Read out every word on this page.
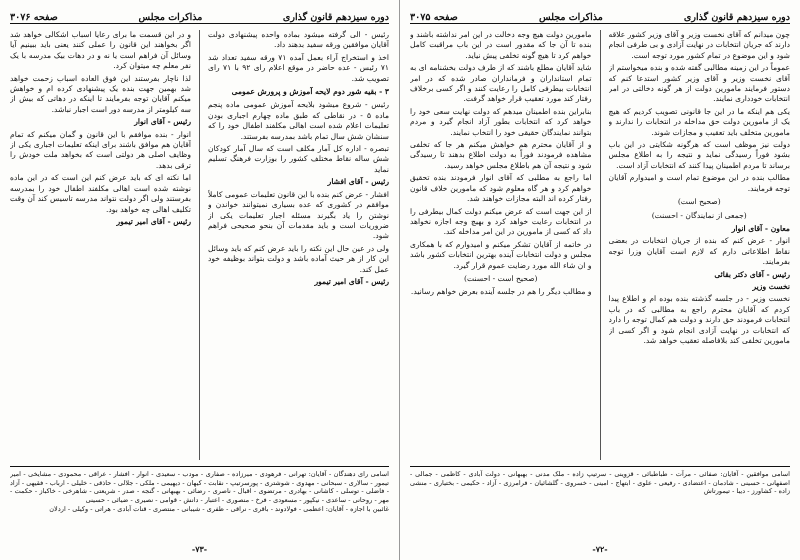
دوره سیزدهم قانون گذاری
مذاکرات مجلس
صفحه ۳۰۷۶

رئیس - الی گرفته میشود بماده واحده پیشنهادی دولت آقایان موافقین ورقه سفید بدهند داد.

اخذ و استخراج آراء بعمل آمده ۷۱ ورقه سفید تعداد شد ۷۱ رئیس - عده حاضر در موقع اعلام رای ۹۲ با ۷۱ رای تصویب شد.

۳ - بقیه شور دوم لایحه آموزش و پرورش عمومی

رئیس - شروع میشود بلایحه آموزش عمومی ماده پنجم ماده ۵ - در نقاطی که طبق ماده چهارم اجباری بودن تعلیمات اعلام شده است اهالی مکلفند اطفال خود را که سنشان شش سال تمام باشد بمدرسه بفرستند.

تبصره - اداره کل آمار مکلف است که سال آمار کودکان شش ساله نقاط مختلف کشور را بوزارت فرهنگ تسلیم نماید

رئیس - آقای افشار

افشار - عرض کنم بنده با این قانون تعلیمات عمومی کاملاً موافقم در کشوری که عده بسیاری نمیتوانند خواندن و نوشتن را یاد بگیرند مسئله اجبار تعلیمات یکی از ضروریات است و باید مقدمات آن بنحو صحیحی فراهم شود.

ولی در عین حال این نکته را باید عرض کنم که باید وسائل این کار از هر حیث آماده باشد و دولت بتواند بوظیفه خود عمل کند.

رئیس - آقای امیر تیمور

و در این قسمت ما برای رعایا اسباب اشکالی خواهد شد اگر بخواهند این قانون را عملی کنند یعنی باید ببینیم آیا وسائل آن فراهم است یا نه و در دهات بیک مدرسه با یک نفر معلم چه میتوان کرد.

لذا ناچار بفرستند این فوق العاده اسباب زحمت خواهد شد بهمین جهت بنده یک پیشنهادی کرده ام و خواهش میکنم آقایان توجه بفرمایند تا اینکه در دهاتی که بیش از سه کیلومتر از مدرسه دور است اجبار نباشد.

رئیس - آقای انوار

انوار - بنده موافقم با این قانون و گمان میکنم که تمام آقایان هم موافق باشند برای اینکه تعلیمات اجباری یکی از وظایف اصلی هر دولتی است که بخواهد ملت خودش را ترقی بدهد.

اما نکته ای که باید عرض کنم این است که در این ماده نوشته شده است اهالی مکلفند اطفال خود را بمدرسه بفرستند ولی اگر دولت نتواند مدرسه تاسیس کند آن وقت تکلیف اهالی چه خواهد بود.

رئیس - آقای امیر تیمور

اسامی رای دهندگان - آقایان: تهرانی - فرهودی - میرزاده - صفاری - مودب - سعیدی - انوار - افشار - عراقی - محمودی - مشایخی - امیر تیمور - سالاری - سبحانی - مهدوی - شوشتری - پورسرتیپ - نقابت - کیهان - دیهیمی - ملکی - جلالی - حاذقی - خلیلی - ارباب - فقیهی - آزاد - فاضلی - توسلی - کاشانی - بهادری - مرتضوی - اقبال - ناصری - رضائی - بهبهانی - گنجه - صدر - شریعتی - شاهرخی - خاکباز - حکمت - مهر - روحانی - ساعدی - نیکپور - مسعودی - فرخ - منصوری - اعتبار - دانش - قوامی - نصیری - ضیائی - حسینی

غائبین با اجازه - آقایان: اعظمی - فولادوند - باقری - نراقی - ظفری - شیبانی - منتصری - قنات آبادی - هراتی - وکیلی - اردلان

-۷۳-
دوره سیزدهم قانون گذاری
مذاکرات مجلس
صفحه ۳۰۷۵

چون میدانم که آقای نخست وزیر و آقای وزیر کشور علاقه دارند که جریان انتخابات در نهایت آزادی و بی طرفی انجام شود و این موضوع در تمام کشور مورد توجه است.

عموماً در این زمینه مطالبی گفته شده و بنده میخواستم از آقای نخست وزیر و آقای وزیر کشور استدعا کنم که دستور فرمایند مامورین دولت از هر گونه دخالتی در امر انتخابات خودداری نمایند.

یکی هم اینکه ما در این جا قانونی تصویب کردیم که هیچ یک از مامورین دولت حق مداخله در انتخابات را ندارند و مامورین متخلف باید تعقیب و مجازات شوند.

دولت نیز موظف است که هرگونه شکایتی در این باب بشود فوراً رسیدگی نماید و نتیجه را به اطلاع مجلس برساند تا مردم اطمینان پیدا کنند که انتخابات آزاد است.

مطالب بنده در این موضوع تمام است و امیدوارم آقایان توجه فرمایند.

(صحیح است)

(جمعی از نمایندگان - احسنت)

معاون - آقای انوار

انوار - عرض کنم که بنده از جریان انتخابات در بعضی نقاط اطلاعاتی دارم که لازم است آقایان وزرا توجه بفرمایند.

رئیس - آقای دکتر بقائی

نخست وزیر

نخست وزیر - در جلسه گذشته بنده بوده ام و اطلاع پیدا کردم که آقایان محترم راجع به مطالبی که در باب انتخابات فرمودند حق دارند و دولت هم کمال توجه را دارد که انتخابات در نهایت آزادی انجام شود و اگر کسی از مامورین تخلفی کند بلافاصله تعقیب خواهد شد.

مامورین دولت هیچ وجه دخالت در این امر نداشته باشند و بنده تا آن جا که مقدور است در این باب مراقبت کامل خواهم کرد تا هیچ گونه تخلفی پیش نیاید.

شاید آقایان مطلع باشند که از طرف دولت بخشنامه ای به تمام استانداران و فرمانداران صادر شده که در امر انتخابات بیطرفی کامل را رعایت کنند و اگر کسی برخلاف رفتار کند مورد تعقیب قرار خواهد گرفت.

بنابراین بنده اطمینان میدهم که دولت نهایت سعی خود را خواهد کرد که انتخابات بطور آزاد انجام گیرد و مردم بتوانند نمایندگان حقیقی خود را انتخاب نمایند.

و از آقایان محترم هم خواهش میکنم هر جا که تخلفی مشاهده فرمودند فوراً به دولت اطلاع بدهند تا رسیدگی شود و نتیجه آن هم باطلاع مجلس خواهد رسید.

اما راجع به مطلبی که آقای انوار فرمودند بنده تحقیق خواهم کرد و هر گاه معلوم شود که مامورین خلاف قانون رفتار کرده اند البته مجازات خواهند شد.

از این جهت است که عرض میکنم دولت کمال بیطرفی را در انتخابات رعایت خواهد کرد و بهیچ وجه اجازه نخواهد داد که کسی از مامورین در این امر مداخله کند.

در خاتمه از آقایان تشکر میکنم و امیدوارم که با همکاری مجلس و دولت انتخابات آینده بهترین انتخابات کشور باشد و ان شاء الله مورد رضایت عموم قرار گیرد.

(صحیح است - احسنت)

و مطالب دیگر را هم در جلسه آینده بعرض خواهم رسانید.

اسامی موافقین - آقایان: صفائی - مرآت - طباطبائی - قزوینی - سرتیپ زاده - ملک مدنی - بهبهانی - دولت آبادی - کاظمی - جمالی - اصفهانی - حسینی - شادمان - اعتضادی - رفیعی - علوی - ابتهاج - امینی - خسروی - گلشائیان - فرامرزی - آزاد - حکیمی - بختیاری - منشی زاده - کشاورز - دیبا - تیمورتاش

-۷۲-
